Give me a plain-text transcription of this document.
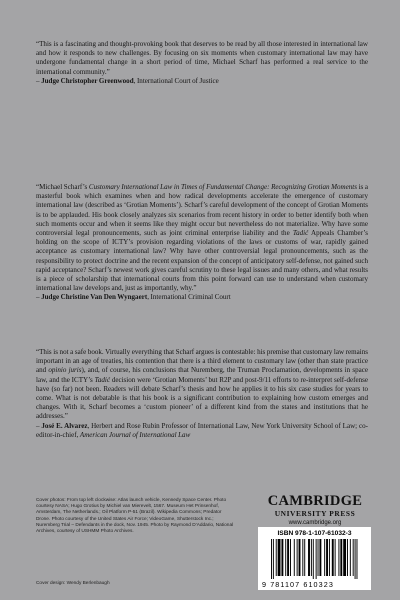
“This is a fascinating and thought-provoking book that deserves to be read by all those interested in international law and how it responds to new challenges. By focusing on six moments when customary international law may have undergone fundamental change in a short period of time, Michael Scharf has performed a real service to the international community.”
– Judge Christopher Greenwood, International Court of Justice
“Michael Scharf’s Customary International Law in Times of Fundamental Change: Recognizing Grotian Moments is a masterful book which examines when and how radical developments accelerate the emergence of customary international law (described as ‘Grotian Moments’). Scharf’s careful development of the concept of Grotian Moments is to be applauded. His book closely analyzes six scenarios from recent history in order to better identify both when such moments occur and when it seems like they might occur but nevertheless do not materialize. Why have some controversial legal pronouncements, such as joint criminal enterprise liability and the Tadić Appeals Chamber’s holding on the scope of ICTY’s provision regarding violations of the laws or customs of war, rapidly gained acceptance as customary international law? Why have other controversial legal pronouncements, such as the responsibility to protect doctrine and the recent expansion of the concept of anticipatory self-defense, not gained such rapid acceptance? Scharf’s newest work gives careful scrutiny to these legal issues and many others, and what results is a piece of scholarship that international courts from this point forward can use to understand when customary international law develops and, just as importantly, why.”
– Judge Christine Van Den Wyngaert, International Criminal Court
“This is not a safe book. Virtually everything that Scharf argues is contestable: his premise that customary law remains important in an age of treaties, his contention that there is a third element to customary law (other than state practice and opinio juris), and, of course, his conclusions that Nuremberg, the Truman Proclamation, developments in space law, and the ICTY’s Tadić decision were ‘Grotian Moments’ but R2P and post-9/11 efforts to re-interpret self-defense have (so far) not been. Readers will debate Scharf’s thesis and how he applies it to his six case studies for years to come. What is not debatable is that his book is a significant contribution to explaining how custom emerges and changes. With it, Scharf becomes a ‘custom pioneer’ of a different kind from the states and institutions that he addresses.”
– José E. Alvarez, Herbert and Rose Rubin Professor of International Law, New York University School of Law; co-editor-in-chief, American Journal of International Law
Cover photos: From top left clockwise: Atlas launch vehicle, Kennedy Space Center. Photo courtesy NASA; Hugo Grotius by Michiel van Mierevelt, 1567. Museum Het Prinsenhof, Amsterdam, The Netherlands.; Oil Platform P-51 (Brazil). Wikipedia Commons; Predator Drone. Photo courtesy of the United States Air Force; VideoGame, Shutterstock Inc.; Nuremberg Trial – Defendants in the dock, Nov. 1945. Photo by Raymond D’Addario, National Archives, courtesy of USHMM Photo Archives.
Cover design: Wendy Berlenbaugh
CAMBRIDGE
UNIVERSITY PRESS
www.cambridge.org
ISBN 978-1-107-61032-3
9 781107 610323
